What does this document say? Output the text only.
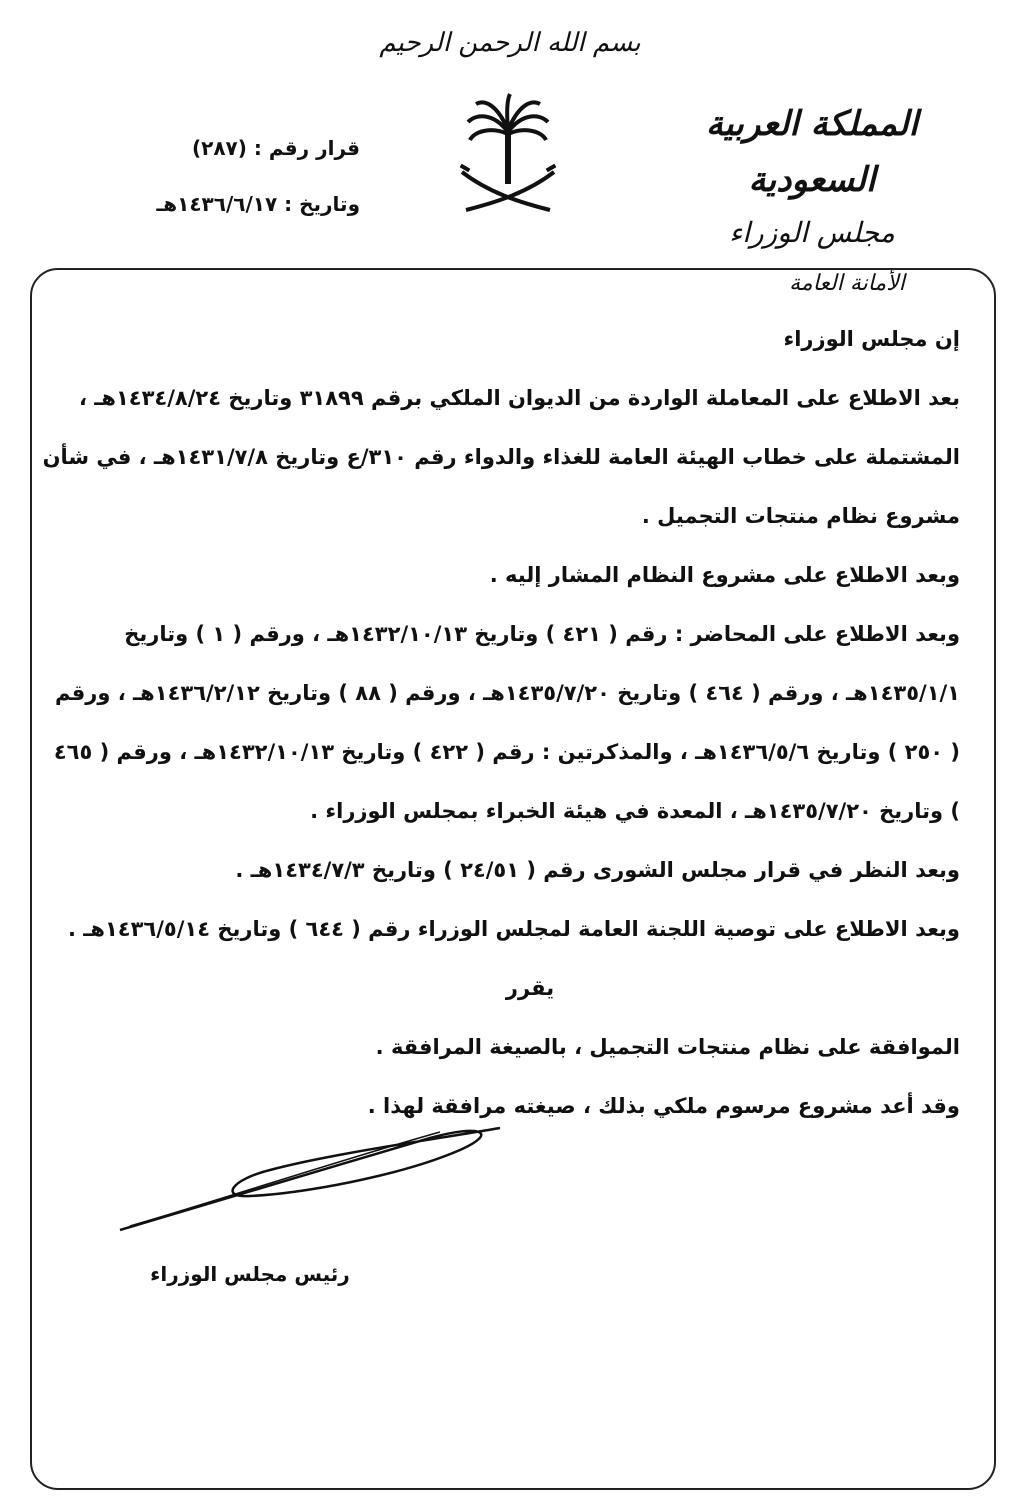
بسم الله الرحمن الرحيم
المملكة العربية السعودية
مجلس الوزراء
الأمانة العامة
قرار رقم : (٢٨٧)
وتاريخ : ١٤٣٦/٦/١٧هـ

إن مجلس الوزراء

بعد الاطلاع على المعاملة الواردة من الديوان الملكي برقم ٣١٨٩٩ وتاريخ ١٤٣٤/٨/٢٤هـ ، المشتملة على خطاب الهيئة العامة للغذاء والدواء رقم ٣١٠/ع وتاريخ ١٤٣١/٧/٨هـ ، في شأن مشروع نظام منتجات التجميل .

وبعد الاطلاع على مشروع النظام المشار إليه .

وبعد الاطلاع على المحاضر : رقم ( ٤٢١ ) وتاريخ ١٤٣٢/١٠/١٣هـ ، ورقم ( ١ ) وتاريخ ١٤٣٥/١/١هـ ، ورقم ( ٤٦٤ ) وتاريخ ١٤٣٥/٧/٢٠هـ ، ورقم ( ٨٨ ) وتاريخ ١٤٣٦/٢/١٢هـ ، ورقم ( ٢٥٠ ) وتاريخ ١٤٣٦/٥/٦هـ ، والمذكرتين : رقم ( ٤٢٢ ) وتاريخ ١٤٣٢/١٠/١٣هـ ، ورقم ( ٤٦٥ ) وتاريخ ١٤٣٥/٧/٢٠هـ ، المعدة في هيئة الخبراء بمجلس الوزراء .

وبعد النظر في قرار مجلس الشورى رقم ( ٢٤/٥١ ) وتاريخ ١٤٣٤/٧/٣هـ .

وبعد الاطلاع على توصية اللجنة العامة لمجلس الوزراء رقم ( ٦٤٤ ) وتاريخ ١٤٣٦/٥/١٤هـ .

يقرر

الموافقة على نظام منتجات التجميل ، بالصيغة المرافقة .

وقد أعد مشروع مرسوم ملكي بذلك ، صيغته مرافقة لهذا .

رئيس مجلس الوزراء
